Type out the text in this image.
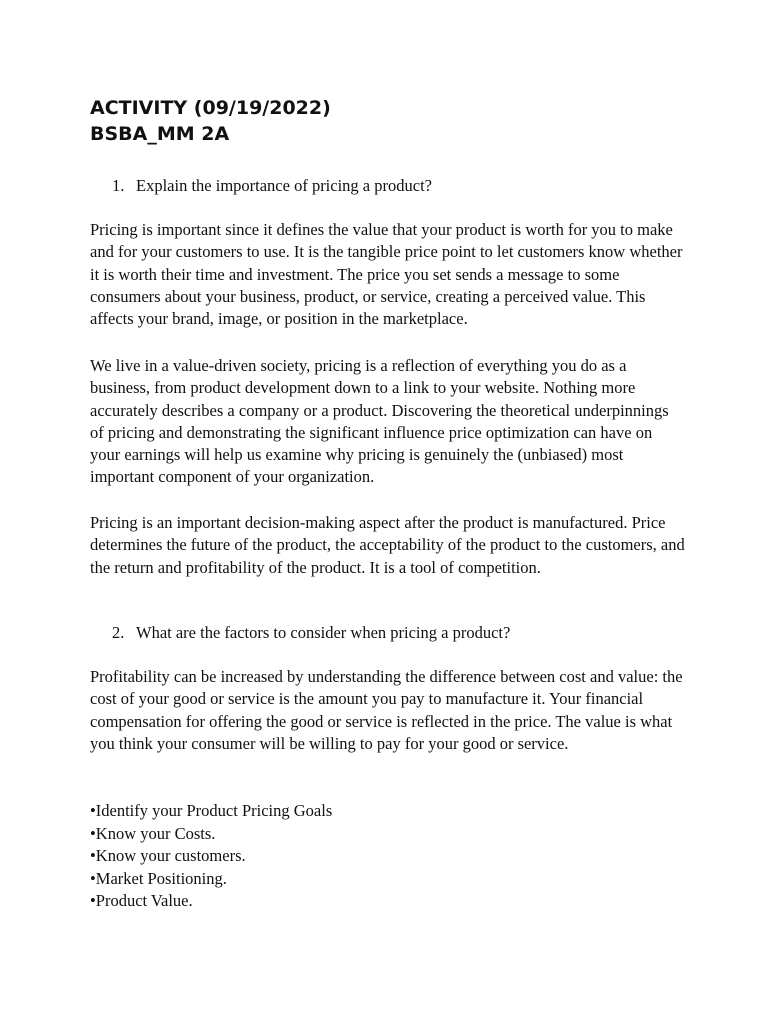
ACTIVITY (09/19/2022)
BSBA_MM 2A

1. Explain the importance of pricing a product?

Pricing is important since it defines the value that your product is worth for you to make and for your customers to use. It is the tangible price point to let customers know whether it is worth their time and investment. The price you set sends a message to some consumers about your business, product, or service, creating a perceived value. This affects your brand, image, or position in the marketplace.

We live in a value-driven society, pricing is a reflection of everything you do as a business, from product development down to a link to your website. Nothing more accurately describes a company or a product. Discovering the theoretical underpinnings of pricing and demonstrating the significant influence price optimization can have on your earnings will help us examine why pricing is genuinely the (unbiased) most important component of your organization.

Pricing is an important decision-making aspect after the product is manufactured. Price determines the future of the product, the acceptability of the product to the customers, and the return and profitability of the product. It is a tool of competition.

2. What are the factors to consider when pricing a product?

Profitability can be increased by understanding the difference between cost and value: the cost of your good or service is the amount you pay to manufacture it. Your financial compensation for offering the good or service is reflected in the price. The value is what you think your consumer will be willing to pay for your good or service.

•Identify your Product Pricing Goals
•Know your Costs.
•Know your customers.
•Market Positioning.
•Product Value.
